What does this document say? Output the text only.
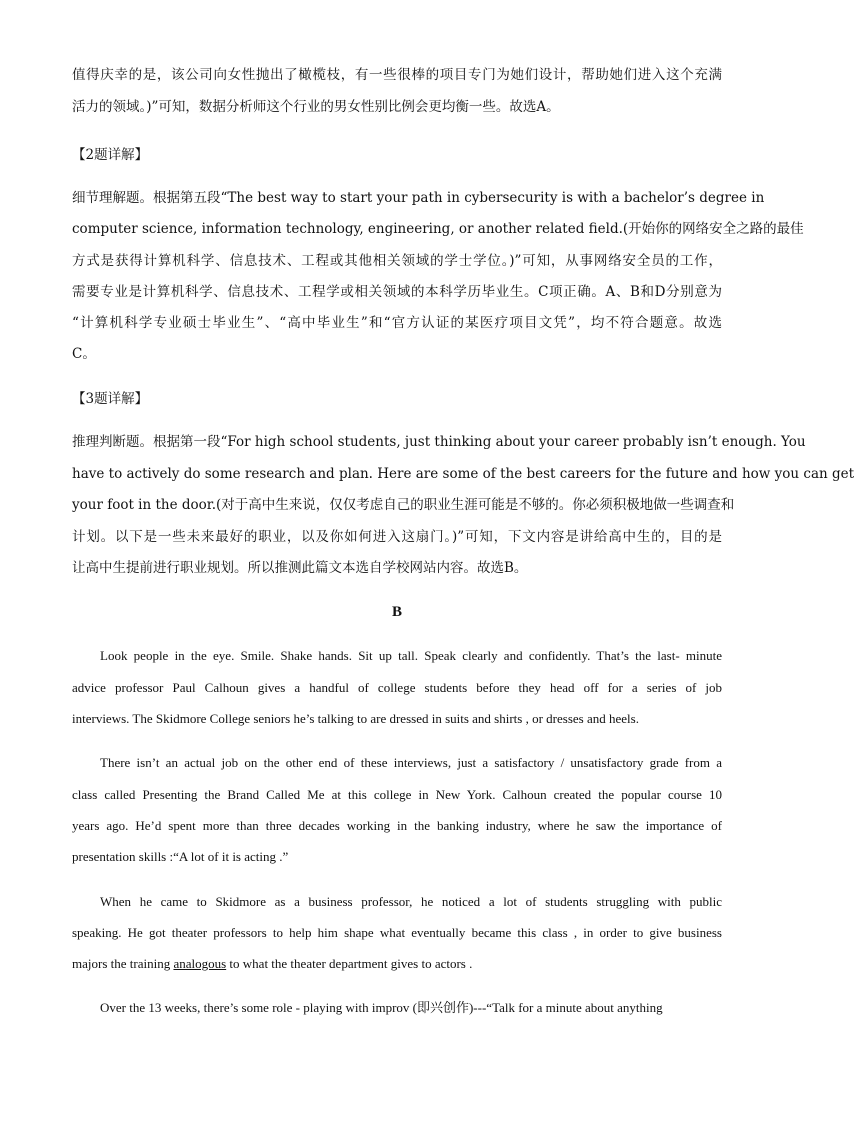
值得庆幸的是，该公司向女性抛出了橄榄枝，有一些很棒的项目专门为她们设计，帮助她们进入这个充满
活力的领域。)”可知，数据分析师这个行业的男女性别比例会更均衡一些。故选A。
【2题详解】
细节理解题。根据第五段“The best way to start your path in cybersecurity is with a bachelor’s degree in
computer science, information technology, engineering, or another related field.(开始你的网络安全之路的最佳
方式是获得计算机科学、信息技术、工程或其他相关领域的学士学位。)”可知，从事网络安全员的工作，
需要专业是计算机科学、信息技术、工程学或相关领域的本科学历毕业生。C项正确。A、B和D分别意为
“计算机科学专业硕士毕业生”、“高中毕业生”和“官方认证的某医疗项目文凭”，均不符合题意。故选
C。
【3题详解】
推理判断题。根据第一段“For high school students, just thinking about your career probably isn’t enough. You
have to actively do some research and plan. Here are some of the best careers for the future and how you can get
your foot in the door.(对于高中生来说，仅仅考虑自己的职业生涯可能是不够的。你必须积极地做一些调查和
计划。以下是一些未来最好的职业，以及你如何进入这扇门。)”可知，下文内容是讲给高中生的，目的是
让高中生提前进行职业规划。所以推测此篇文本选自学校网站内容。故选B。
B
Look people in the eye. Smile. Shake hands. Sit up tall. Speak clearly and confidently. That’s the last- minute
advice professor Paul Calhoun gives a handful of college students before they head off for a series of job
interviews. The Skidmore College seniors he’s talking to are dressed in suits and shirts , or dresses and heels.
There isn’t an actual job on the other end of these interviews, just a satisfactory / unsatisfactory grade from a
class called Presenting the Brand Called Me at this college in New York. Calhoun created the popular course 10
years ago. He’d spent more than three decades working in the banking industry, where he saw the importance of
presentation skills :“A lot of it is acting .”
When he came to Skidmore as a business professor, he noticed a lot of students struggling with public
speaking. He got theater professors to help him shape what eventually became this class , in order to give business
majors the training analogous to what the theater department gives to actors .
Over the 13 weeks, there’s some role - playing with improv (即兴创作)---“Talk for a minute about anything
